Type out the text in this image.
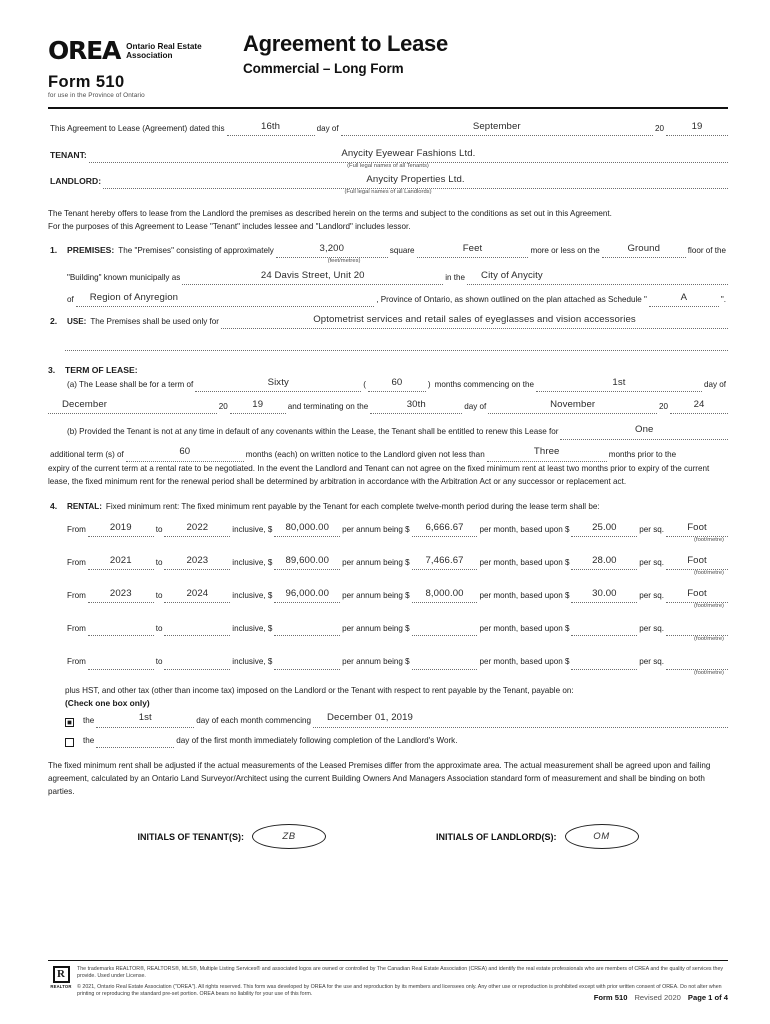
OREA Ontario Real Estate
Association
Form 510
for use in the Province of Ontario
Agreement to Lease
Commercial – Long Form
This Agreement to Lease (Agreement) dated this	16th	day of	September	20	19
TENANT:	Anycity Eyewear Fashions Ltd.
(Full legal names of all Tenants)
LANDLORD:	Anycity Properties Ltd.
(Full legal names of all Landlords)
The Tenant hereby offers to lease from the Landlord the premises as described herein on the terms and subject to the conditions as set out in this Agreement.
For the purposes of this Agreement to Lease "Tenant" includes lessee and "Landlord" includes lessor.
1.	PREMISES: The "Premises" consisting of approximately	3,200	square	Feet	more or less on the	Ground	floor of the
(feet/metres)
"Building" known municipally as	24 Davis Street, Unit 20	in the	City of Anycity
of	Region of Anyregion	, Province of Ontario, as shown outlined on the plan attached as Schedule "	A	".
2.	USE: The Premises shall be used only for	Optometrist services and retail sales of eyeglasses and vision accessories
3.	TERM OF LEASE:
(a) The Lease shall be for a term of	Sixty	(	60	) months commencing on the	1st	day of
December	20	19	and terminating on the	30th	day of	November	20	24
(b) Provided the Tenant is not at any time in default of any covenants within the Lease, the Tenant shall be entitled to renew this Lease for	One
additional term (s) of	60	months (each) on written notice to the Landlord given not less than	Three	months prior to the
expiry of the current term at a rental rate to be negotiated. In the event the Landlord and Tenant can not agree on the fixed minimum rent at least two months prior to expiry of the current lease, the fixed minimum rent for the renewal period shall be determined by arbitration in accordance with the Arbitration Act or any successor or replacement act.
4.	RENTAL: Fixed minimum rent: The fixed minimum rent payable by the Tenant for each complete twelve-month period during the lease term shall be:
From	2019	to	2022	inclusive, $	80,000.00	per annum being $	6,666.67	per month, based upon $	25.00	per sq.	Foot
(foot/metre)
From	2021	to	2023	inclusive, $	89,600.00	per annum being $	7,466.67	per month, based upon $	28.00	per sq.	Foot
(foot/metre)
From	2023	to	2024	inclusive, $	96,000.00	per annum being $	8,000.00	per month, based upon $	30.00	per sq.	Foot
(foot/metre)
From	to	inclusive, $	per annum being $	per month, based upon $	per sq.
(foot/metre)
From	to	inclusive, $	per annum being $	per month, based upon $	per sq.
(foot/metre)
plus HST, and other tax (other than income tax) imposed on the Landlord or the Tenant with respect to rent payable by the Tenant, payable on:
(Check one box only)
the	1st	day of each month commencing	December 01, 2019
the	day of the first month immediately following completion of the Landlord's Work.
The fixed minimum rent shall be adjusted if the actual measurements of the Leased Premises differ from the approximate area. The actual measurement shall be agreed upon and failing agreement, calculated by an Ontario Land Surveyor/Architect using the current Building Owners And Managers Association standard form of measurement and shall be binding on both parties.
INITIALS OF TENANT(S):	ZB	INITIALS OF LANDLORD(S):	OM
R
REALTOR

The trademarks REALTOR®, REALTORS®, MLS®, Multiple Listing Services® and associated logos are owned or controlled by The Canadian Real Estate Association (CREA) and identify the real estate professionals who are members of CREA and the quality of services they provide. Used under License.

© 2021, Ontario Real Estate Association ("OREA"). All rights reserved. This form was developed by OREA for the use and reproduction by its members and licensees only. Any other use or reproduction is prohibited except with prior written consent of OREA. Do not alter when printing or reproducing the standard pre-set portion. OREA bears no liability for your use of this form.	Form 510 Revised 2020 Page 1 of 4
